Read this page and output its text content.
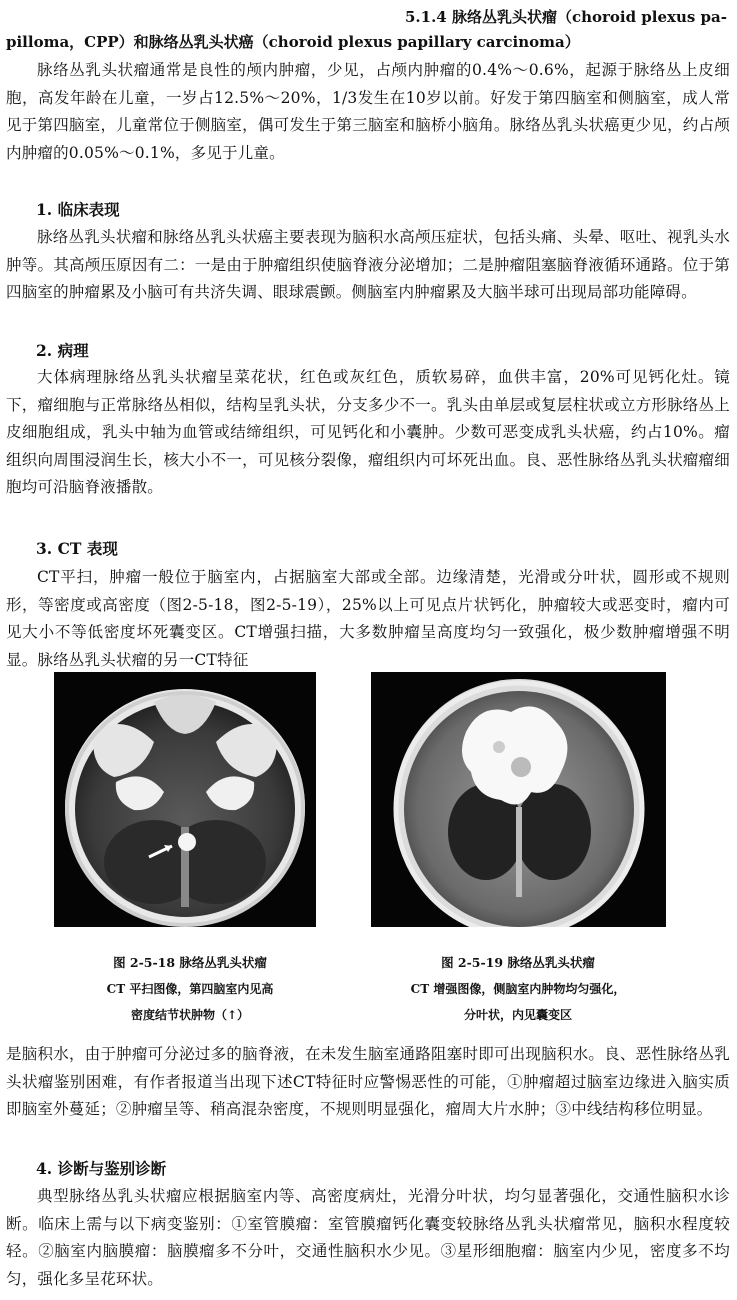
5.1.4 脉络丛乳头状瘤（choroid plexus pa-
pilloma，CPP）和脉络丛乳头状癌（choroid plexus papillary carcinoma）
脉络丛乳头状瘤通常是良性的颅内肿瘤，少见，占颅内肿瘤的0.4%～0.6%，起源于脉络丛上皮细胞，高发年龄在儿童，一岁占12.5%～20%，1/3发生在10岁以前。好发于第四脑室和侧脑室，成人常见于第四脑室，儿童常位于侧脑室，偶可发生于第三脑室和脑桥小脑角。脉络丛乳头状癌更少见，约占颅内肿瘤的0.05%～0.1%，多见于儿童。
1. 临床表现
脉络丛乳头状瘤和脉络丛乳头状癌主要表现为脑积水高颅压症状，包括头痛、头晕、呕吐、视乳头水肿等。其高颅压原因有二：一是由于肿瘤组织使脑脊液分泌增加；二是肿瘤阻塞脑脊液循环通路。位于第四脑室的肿瘤累及小脑可有共济失调、眼球震颤。侧脑室内肿瘤累及大脑半球可出现局部功能障碍。
2. 病理
大体病理脉络丛乳头状瘤呈菜花状，红色或灰红色，质软易碎，血供丰富，20%可见钙化灶。镜下，瘤细胞与正常脉络丛相似，结构呈乳头状，分支多少不一。乳头由单层或复层柱状或立方形脉络丛上皮细胞组成，乳头中轴为血管或结缔组织，可见钙化和小囊肿。少数可恶变成乳头状癌，约占10%。瘤组织向周围浸润生长，核大小不一，可见核分裂像，瘤组织内可坏死出血。良、恶性脉络丛乳头状瘤瘤细胞均可沿脑脊液播散。
3. CT 表现
CT平扫，肿瘤一般位于脑室内，占据脑室大部或全部。边缘清楚，光滑或分叶状，圆形或不规则形，等密度或高密度（图2-5-18，图2-5-19），25%以上可见点片状钙化，肿瘤较大或恶变时，瘤内可见大小不等低密度坏死囊变区。CT增强扫描，大多数肿瘤呈高度均匀一致强化，极少数肿瘤增强不明显。脉络丛乳头状瘤的另一CT特征
图 2-5-18 脉络丛乳头状瘤
CT 平扫图像，第四脑室内见高
密度结节状肿物（↑）
图 2-5-19 脉络丛乳头状瘤
CT 增强图像，侧脑室内肿物均匀强化，
分叶状，内见囊变区
是脑积水，由于肿瘤可分泌过多的脑脊液，在未发生脑室通路阻塞时即可出现脑积水。良、恶性脉络丛乳头状瘤鉴别困难，有作者报道当出现下述CT特征时应警惕恶性的可能，①肿瘤超过脑室边缘进入脑实质即脑室外蔓延；②肿瘤呈等、稍高混杂密度，不规则明显强化，瘤周大片水肿；③中线结构移位明显。
4. 诊断与鉴别诊断
典型脉络丛乳头状瘤应根据脑室内等、高密度病灶，光滑分叶状，均匀显著强化，交通性脑积水诊断。临床上需与以下病变鉴别：①室管膜瘤：室管膜瘤钙化囊变较脉络丛乳头状瘤常见，脑积水程度较轻。②脑室内脑膜瘤：脑膜瘤多不分叶，交通性脑积水少见。③星形细胞瘤：脑室内少见，密度多不均匀，强化多呈花环状。
